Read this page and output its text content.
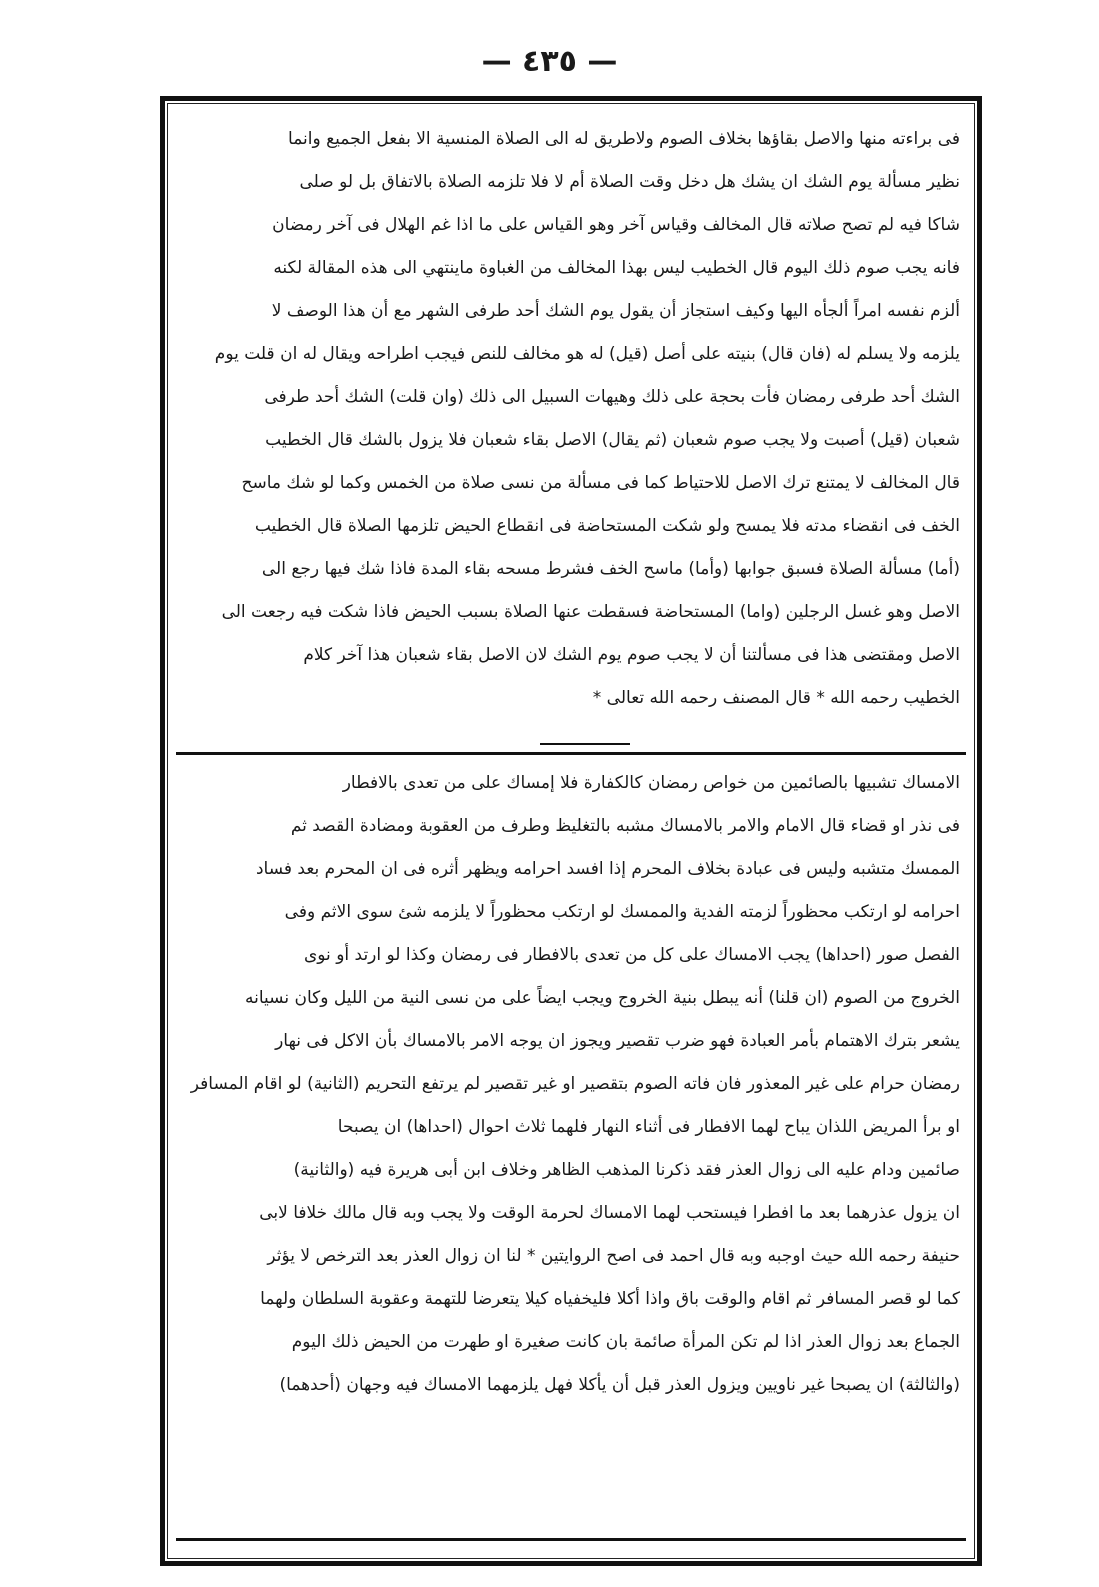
— ٤٣٥ —
فى براءته منها والاصل بقاؤها بخلاف الصوم ولاطريق له الى الصلاة المنسية الا بفعل الجميع وانما
نظير مسألة يوم الشك ان يشك هل دخل وقت الصلاة أم لا فلا تلزمه الصلاة بالاتفاق بل لو صلى
شاكا فيه لم تصح صلاته قال المخالف وقياس آخر وهو القياس على ما اذا غم الهلال فى آخر رمضان
فانه يجب صوم ذلك اليوم قال الخطيب ليس بهذا المخالف من الغباوة ماينتهي الى هذه المقالة لكنه
ألزم نفسه امراً ألجأه اليها وكيف استجاز أن يقول يوم الشك أحد طرفى الشهر مع أن هذا الوصف لا
يلزمه ولا يسلم له (فان قال) بنيته على أصل (قيل) له هو مخالف للنص فيجب اطراحه ويقال له ان قلت يوم
الشك أحد طرفى رمضان فأت بحجة على ذلك وهيهات السبيل الى ذلك (وان قلت) الشك أحد طرفى
شعبان (قيل) أصبت ولا يجب صوم شعبان (ثم يقال) الاصل بقاء شعبان فلا يزول بالشك قال الخطيب
قال المخالف لا يمتنع ترك الاصل للاحتياط كما فى مسألة من نسى صلاة من الخمس وكما لو شك ماسح
الخف فى انقضاء مدته فلا يمسح ولو شكت المستحاضة فى انقطاع الحيض تلزمها الصلاة قال الخطيب
(أما) مسألة الصلاة فسبق جوابها (وأما) ماسح الخف فشرط مسحه بقاء المدة فاذا شك فيها رجع الى
الاصل وهو غسل الرجلين (واما) المستحاضة فسقطت عنها الصلاة بسبب الحيض فاذا شكت فيه رجعت الى
الاصل ومقتضى هذا فى مسألتنا أن لا يجب صوم يوم الشك لان الاصل بقاء شعبان هذا آخر كلام
الخطيب رحمه الله * قال المصنف رحمه الله تعالى *
الامساك تشبيها بالصائمين من خواص رمضان كالكفارة فلا إمساك على من تعدى بالافطار
فى نذر او قضاء قال الامام والامر بالامساك مشبه بالتغليظ وطرف من العقوبة ومضادة القصد ثم
الممسك متشبه وليس فى عبادة بخلاف المحرم إذا افسد احرامه ويظهر أثره فى ان المحرم بعد فساد
احرامه لو ارتكب محظوراً لزمته الفدية والممسك لو ارتكب محظوراً لا يلزمه شئ سوى الاثم وفى
الفصل صور (احداها) يجب الامساك على كل من تعدى بالافطار فى رمضان وكذا لو ارتد أو نوى
الخروج من الصوم (ان قلنا) أنه يبطل بنية الخروج ويجب ايضاً على من نسى النية من الليل وكان نسيانه
يشعر بترك الاهتمام بأمر العبادة فهو ضرب تقصير ويجوز ان يوجه الامر بالامساك بأن الاكل فى نهار
رمضان حرام على غير المعذور فان فاته الصوم بتقصير او غير تقصير لم يرتفع التحريم (الثانية) لو اقام المسافر
او برأ المريض اللذان يباح لهما الافطار فى أثناء النهار فلهما ثلاث احوال (احداها) ان يصبحا
صائمين ودام عليه الى زوال العذر فقد ذكرنا المذهب الظاهر وخلاف ابن أبى هريرة فيه (والثانية)
ان يزول عذرهما بعد ما افطرا فيستحب لهما الامساك لحرمة الوقت ولا يجب وبه قال مالك خلافا لابى
حنيفة رحمه الله حيث اوجبه وبه قال احمد فى اصح الروايتين * لنا ان زوال العذر بعد الترخص لا يؤثر
كما لو قصر المسافر ثم اقام والوقت باق واذا أكلا فليخفياه كيلا يتعرضا للتهمة وعقوبة السلطان ولهما
الجماع بعد زوال العذر اذا لم تكن المرأة صائمة بان كانت صغيرة او طهرت من الحيض ذلك اليوم
(والثالثة) ان يصبحا غير ناويين ويزول العذر قبل أن يأكلا فهل يلزمهما الامساك فيه وجهان (أحدهما)
